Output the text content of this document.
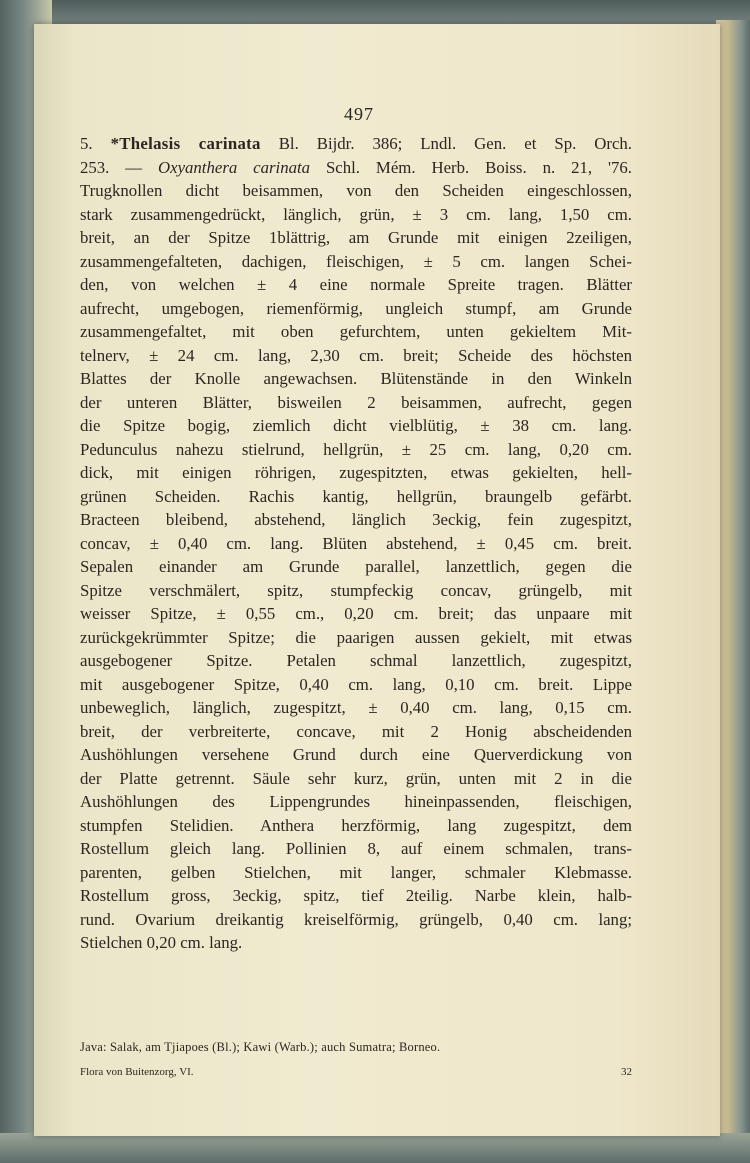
497
5. *Thelasis carinata Bl. Bijdr. 386; Lndl. Gen. et Sp. Orch.
253. — Oxyanthera carinata Schl. Mém. Herb. Boiss. n. 21, '76.
Trugknollen dicht beisammen, von den Scheiden eingeschlossen,
stark zusammengedrückt, länglich, grün, ± 3 cm. lang, 1,50 cm.
breit, an der Spitze 1blättrig, am Grunde mit einigen 2zeiligen,
zusammengefalteten, dachigen, fleischigen, ± 5 cm. langen Schei-
den, von welchen ± 4 eine normale Spreite tragen. Blätter
aufrecht, umgebogen, riemenförmig, ungleich stumpf, am Grunde
zusammengefaltet, mit oben gefurchtem, unten gekieltem Mit-
telnerv, ± 24 cm. lang, 2,30 cm. breit; Scheide des höchsten
Blattes der Knolle angewachsen. Blütenstände in den Winkeln
der unteren Blätter, bisweilen 2 beisammen, aufrecht, gegen
die Spitze bogig, ziemlich dicht vielblütig, ± 38 cm. lang.
Pedunculus nahezu stielrund, hellgrün, ± 25 cm. lang, 0,20 cm.
dick, mit einigen röhrigen, zugespitzten, etwas gekielten, hell-
grünen Scheiden. Rachis kantig, hellgrün, braungelb gefärbt.
Bracteen bleibend, abstehend, länglich 3eckig, fein zugespitzt,
concav, ± 0,40 cm. lang. Blüten abstehend, ± 0,45 cm. breit.
Sepalen einander am Grunde parallel, lanzettlich, gegen die
Spitze verschmälert, spitz, stumpfeckig concav, grüngelb, mit
weisser Spitze, ± 0,55 cm., 0,20 cm. breit; das unpaare mit
zurückgekrümmter Spitze; die paarigen aussen gekielt, mit etwas
ausgebogener Spitze. Petalen schmal lanzettlich, zugespitzt,
mit ausgebogener Spitze, 0,40 cm. lang, 0,10 cm. breit. Lippe
unbeweglich, länglich, zugespitzt, ± 0,40 cm. lang, 0,15 cm.
breit, der verbreiterte, concave, mit 2 Honig abscheidenden
Aushöhlungen versehene Grund durch eine Querverdickung von
der Platte getrennt. Säule sehr kurz, grün, unten mit 2 in die
Aushöhlungen des Lippengrundes hineinpassenden, fleischigen,
stumpfen Stelidien. Anthera herzförmig, lang zugespitzt, dem
Rostellum gleich lang. Pollinien 8, auf einem schmalen, trans-
parenten, gelben Stielchen, mit langer, schmaler Klebmasse.
Rostellum gross, 3eckig, spitz, tief 2teilig. Narbe klein, halb-
rund. Ovarium dreikantig kreiselförmig, grüngelb, 0,40 cm. lang;
Stielchen 0,20 cm. lang.
Java: Salak, am Tjiapoes (Bl.); Kawi (Warb.); auch Sumatra; Borneo.
Flora von Buitenzorg, VI.	32
